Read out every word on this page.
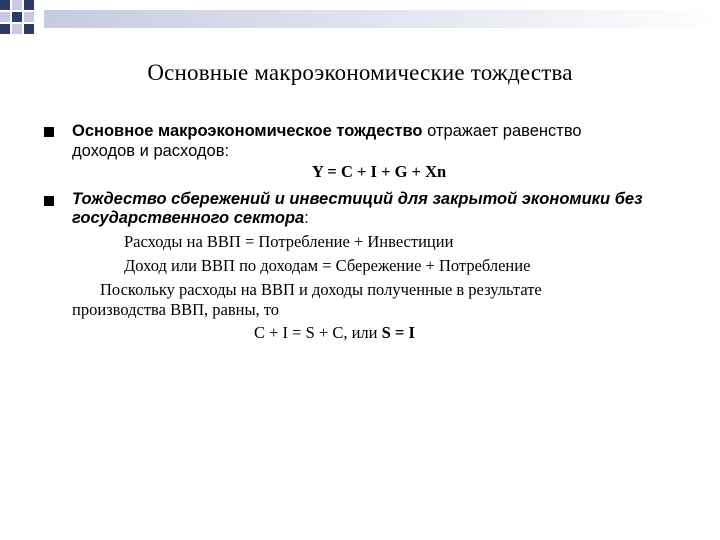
Основные макроэкономические тождества
Основное макроэкономическое тождество отражает равенство
доходов и расходов:
Y = C + I + G + Xn
Тождество сбережений и инвестиций для закрытой экономики без
государственного сектора:
Расходы на ВВП = Потребление + Инвестиции
Доход или ВВП по доходам = Сбережение + Потребление
Поскольку расходы на ВВП и доходы полученные в результате
производства ВВП, равны, то
C + I = S + C, или S = I
